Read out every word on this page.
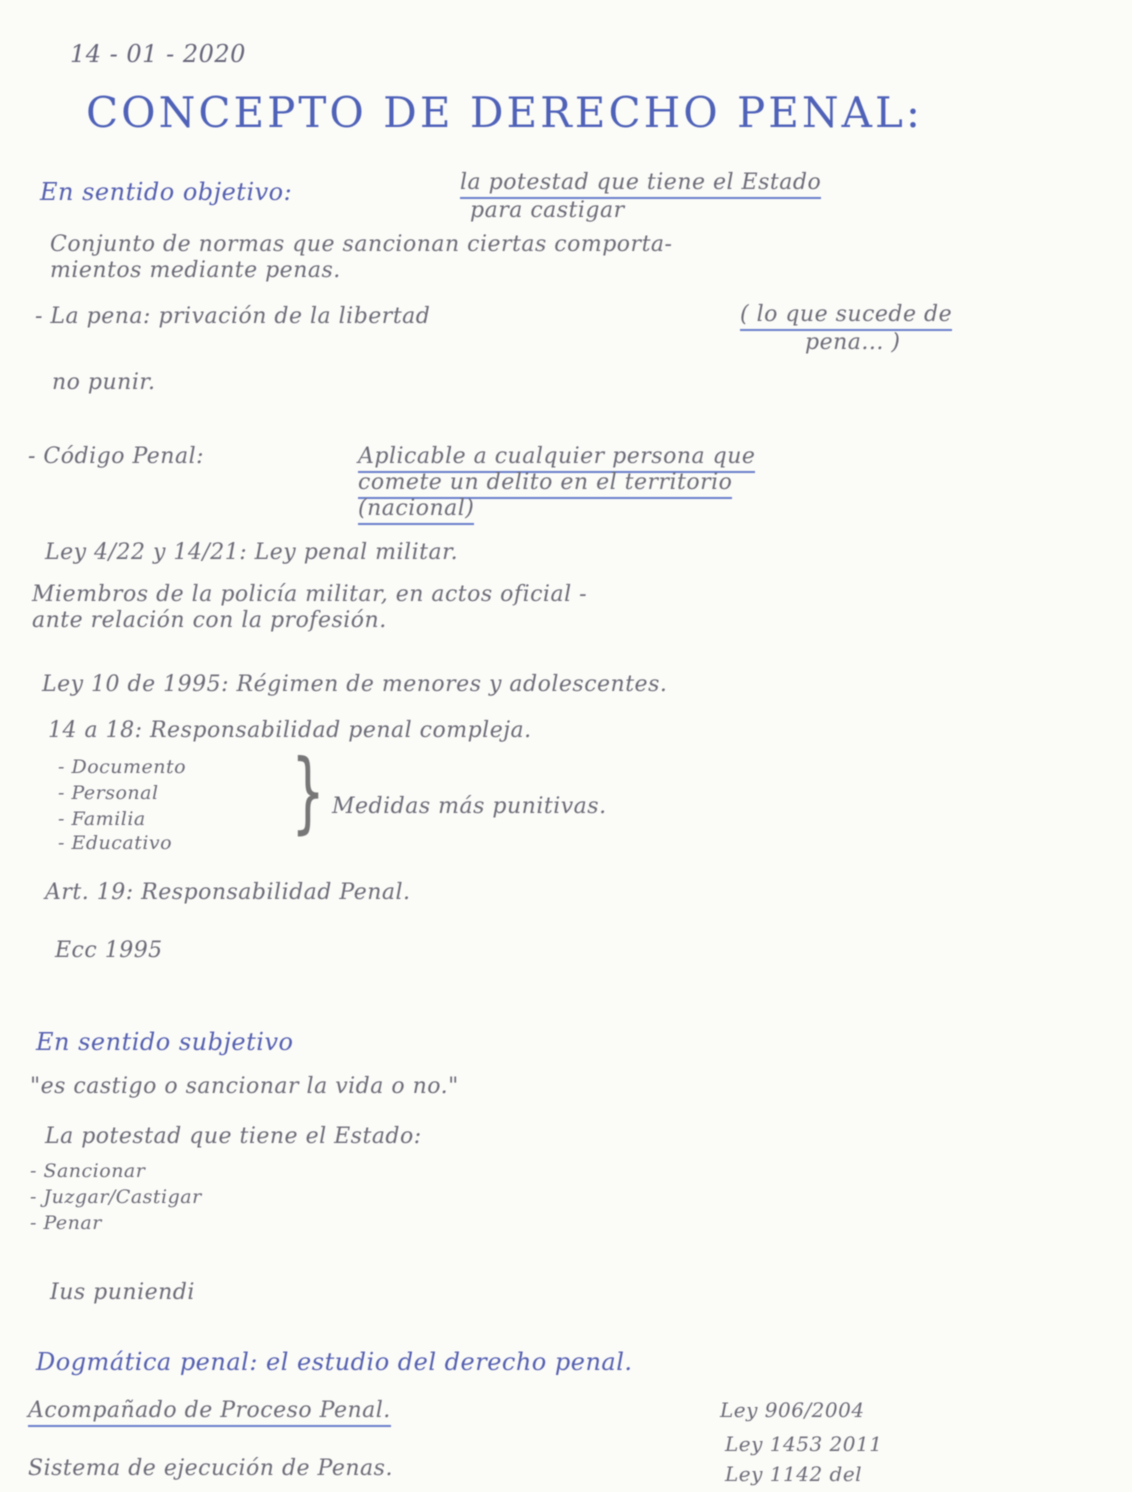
14 - 01 - 2020
CONCEPTO DE DERECHO PENAL:
En sentido objetivo:	la potestad que tiene el Estado
para castigar
Conjunto de normas que sancionan ciertas comporta-
mientos mediante penas.
- La pena: privación de la libertad	( lo que sucede de
pena... )
no punir.
- Código Penal:	Aplicable a cualquier persona que
comete un delito en el territorio
(nacional)
Ley 4/22 y 14/21: Ley penal militar.
Miembros de la policía militar, en actos oficial -
ante relación con la profesión.
Ley 10 de 1995: Régimen de menores y adolescentes.
14 a 18: Responsabilidad penal compleja.
- Documento
- Personal
- Familia
- Educativo } Medidas más punitivas.
Art. 19: Responsabilidad Penal.
Ecc 1995
En sentido subjetivo
"es castigo o sancionar la vida o no."
La potestad que tiene el Estado:
- Sancionar
- Juzgar/Castigar
- Penar
Ius puniendi
Dogmática penal: el estudio del derecho penal.
Acompañado de Proceso Penal.
Sistema de ejecución de Penas.
Ley 906/2004
Ley 1453 2011
Ley 1142 del
